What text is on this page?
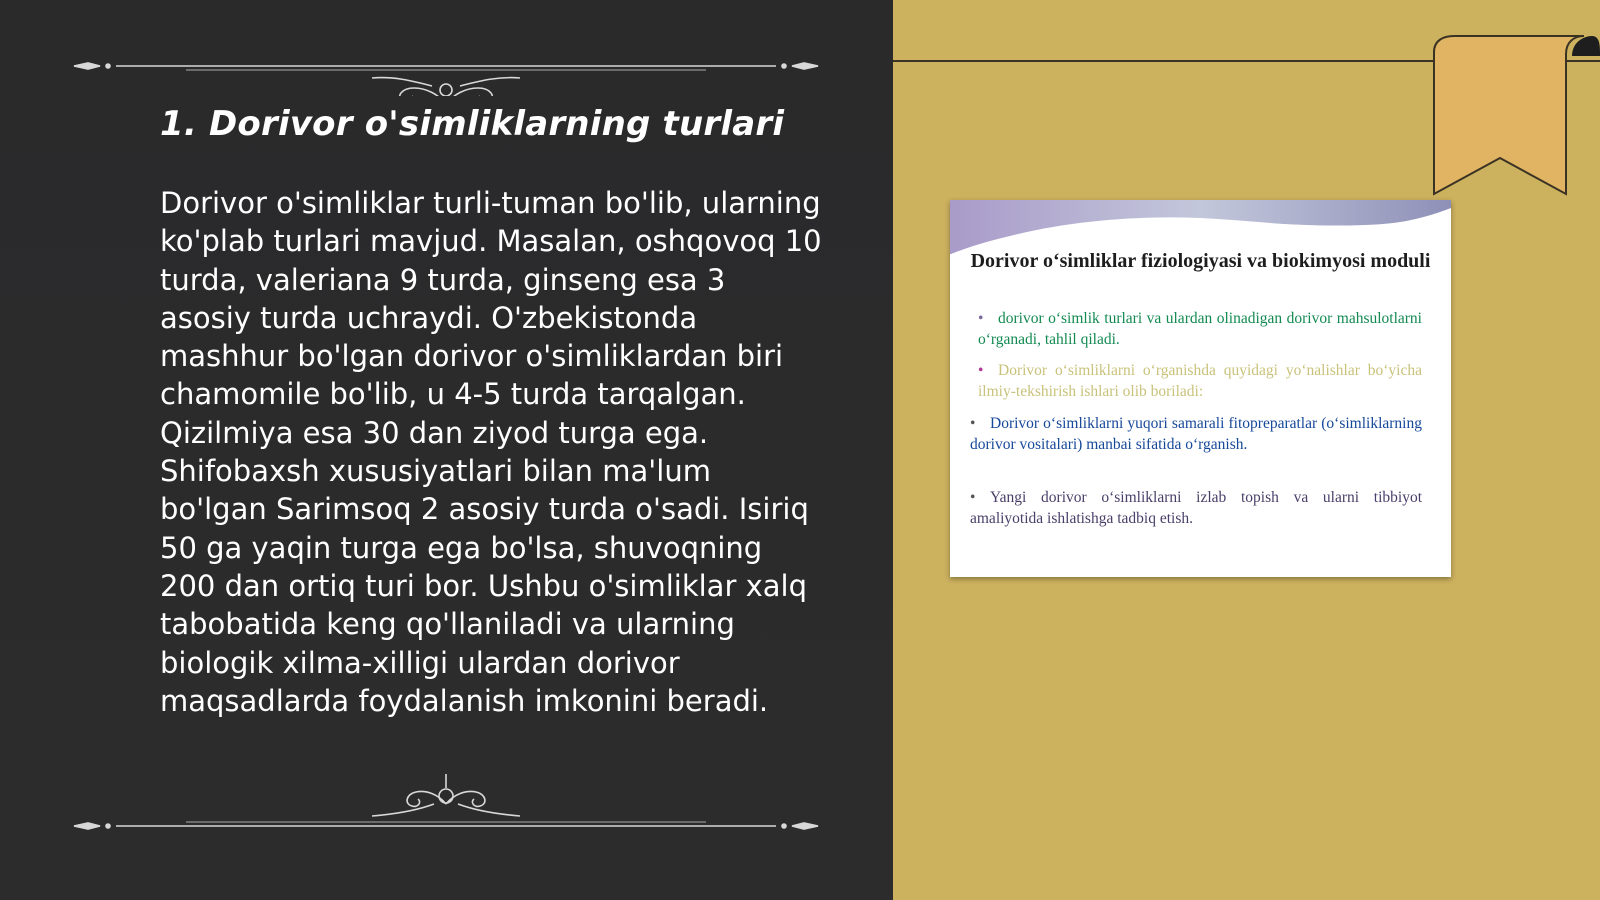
1. Dorivor o'simliklarning turlari

Dorivor o'simliklar turli-tuman bo'lib, ularning ko'plab turlari mavjud. Masalan, oshqovoq 10 turda, valeriana 9 turda, ginseng esa 3 asosiy turda uchraydi. O'zbekistonda mashhur bo'lgan dorivor o'simliklardan biri chamomile bo'lib, u 4-5 turda tarqalgan. Qizilmiya esa 30 dan ziyod turga ega. Shifobaxsh xususiyatlari bilan ma'lum bo'lgan Sarimsoq 2 asosiy turda o'sadi. Isiriq 50 ga yaqin turga ega bo'lsa, shuvoqning 200 dan ortiq turi bor. Ushbu o'simliklar xalq tabobatida keng qo'llaniladi va ularning biologik xilma-xilligi ulardan dorivor maqsadlarda foydalanish imkonini beradi.

Dorivor o‘simliklar fiziologiyasi va biokimyosi moduli

• dorivor o‘simlik turlari va ulardan olinadigan dorivor mahsulotlarni o‘rganadi, tahlil qiladi.

• Dorivor o‘simliklarni o‘rganishda quyidagi yo‘nalishlar bo‘yicha ilmiy-tekshirish ishlari olib boriladi:

• Dorivor o‘simliklarni yuqori samarali fitopreparatlar (o‘simliklarning dorivor vositalari) manbai sifatida o‘rganish.

• Yangi dorivor o‘simliklarni izlab topish va ularni tibbiyot amaliyotida ishlatishga tadbiq etish.
